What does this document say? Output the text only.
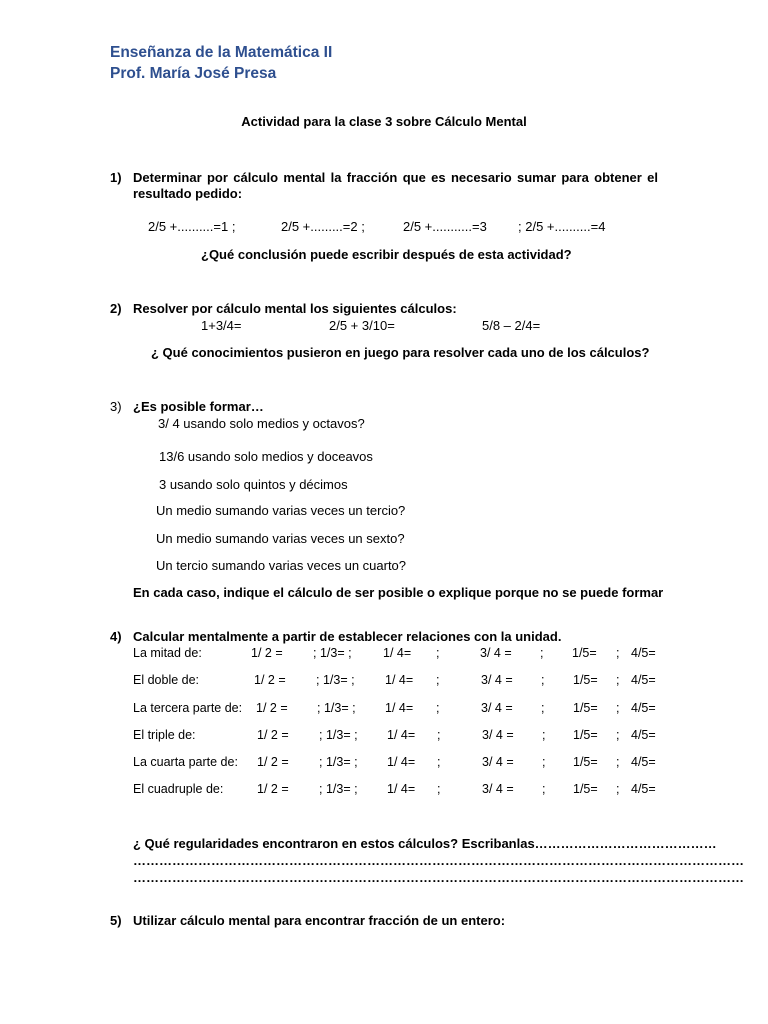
Enseñanza de la Matemática II
Prof. María José Presa
Actividad para la clase 3 sobre Cálculo Mental
1) Determinar por cálculo mental la fracción que es necesario sumar para obtener el
resultado pedido:
2/5 +..........=1 ;	2/5 +.........=2 ;	2/5 +...........=3 ; 2/5 +..........=4
¿Qué conclusión puede escribir después de esta actividad?
2) Resolver por cálculo mental los siguientes cálculos:
1+3/4=	2/5 + 3/10=	5/8 – 2/4=
¿ Qué conocimientos pusieron en juego para resolver cada uno de los cálculos?
3) ¿Es posible formar…
3/ 4 usando solo medios y octavos?
13/6 usando solo medios y doceavos
3 usando solo quintos y décimos
Un medio sumando varias veces un tercio?
Un medio sumando varias veces un sexto?
Un tercio sumando varias veces un cuarto?
En cada caso, indique el cálculo de ser posible o explique porque no se puede formar
4) Calcular mentalmente a partir de establecer relaciones con la unidad.
La mitad de:	1/ 2 = ; 1/3= ;	1/ 4= ;	3/ 4 = ; 1/5= ; 4/5=
El doble de:	1/ 2 = ; 1/3= ; 1/ 4= ;	3/ 4 = ; 1/5= ; 4/5=
La tercera parte de: 1/ 2 = ; 1/3= ; 1/ 4= ;	3/ 4 = ; 1/5= ; 4/5=
El triple de:	1/ 2 = ; 1/3= ; 1/ 4= ;	3/ 4 = ; 1/5= ; 4/5=
La cuarta parte de: 1/ 2 = ; 1/3= ; 1/ 4= ;	3/ 4 = ; 1/5= ; 4/5=
El cuadruple de:	1/ 2 = ; 1/3= ; 1/ 4= ;	3/ 4 = ; 1/5= ; 4/5=
¿ Qué regularidades encontraron en estos cálculos? Escribanlas……………………………………
……………………………………………………………………………………………………………………………
……………………………………………………………………………………………………………………………
5) Utilizar cálculo mental para encontrar fracción de un entero:
